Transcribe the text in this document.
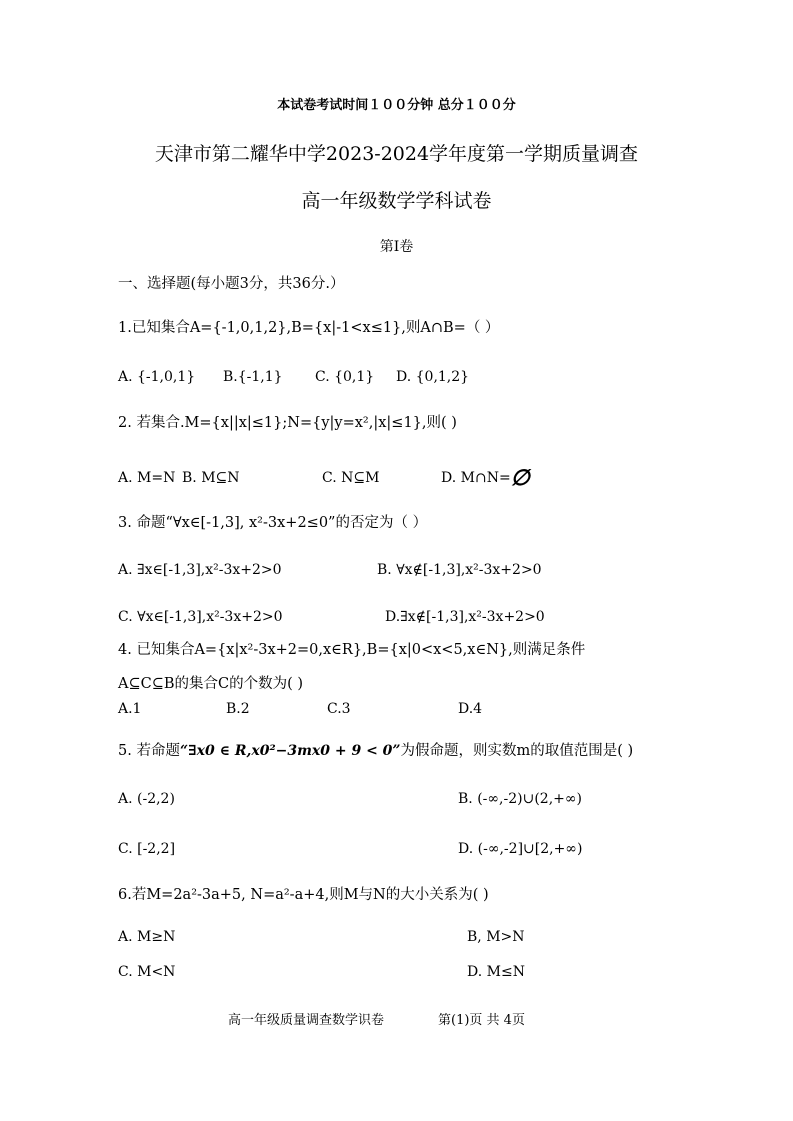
本试卷考试时间１００分钟 总分１００分
天津市第二耀华中学2023-2024学年度第一学期质量调查
高一年级数学学科试卷
第Ⅰ卷
一、选择题(每小题3分，共36分.）
1.已知集合A={-1,0,1,2},B={x|-1<x≤1},则A∩B=（ ）
A. {-1,0,1} B.{-1,1} C. {0,1} D. {0,1,2}
2. 若集合.M={x||x|≤1};N={y|y=x²,|x|≤1},则( )
A. M=N B. M⊆N	C. N⊆M	D. M∩N=∅
3. 命题“∀x∈[-1,3], x²-3x+2≤0”的否定为（ ）
A. ∃x∈[-1,3],x²-3x+2>0	B. ∀x∉[-1,3],x²-3x+2>0
C. ∀x∈[-1,3],x²-3x+2>0	D.∃x∉[-1,3],x²-3x+2>0
4. 已知集合A={x|x²-3x+2=0,x∈R},B={x|0<x<5,x∈N},则满足条件
A⊆C⊆B的集合C的个数为( )
A.1	B.2	C.3	D.4
5. 若命题“∃x0 ∈ R,x0²−3mx0 + 9 < 0”为假命题，则实数m的取值范围是( )
A. (-2,2)	B. (-∞,-2)∪(2,+∞)
C. [-2,2]	D. (-∞,-2]∪[2,+∞)
6.若M=2a²-3a+5, N=a²-a+4,则M与N的大小关系为( )
A. M≥N	B, M>N
C. M<N	D. M≤N
高一年级质量调查数学识卷	第(1)页 共 4页
